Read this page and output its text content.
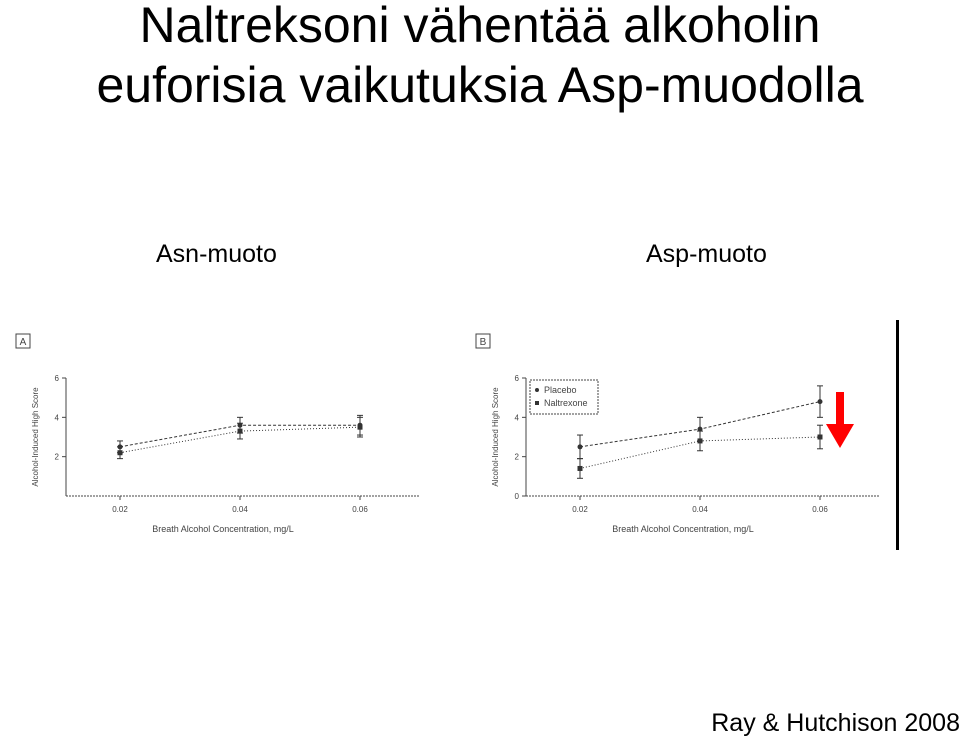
Naltreksoni vähentää alkoholin
euforisia vaikutuksia Asp-muodolla
Asn-muoto	Asp-muoto
A
2
4
6
0.02	0.04	0.06
Breath Alcohol Concentration, mg/L
Alcohol-Induced High Score
B
0
2
4
6
0.02	0.04	0.06
Breath Alcohol Concentration, mg/L
Alcohol-Induced High Score	Placebo
Naltrexone
Ray & Hutchison 2008
